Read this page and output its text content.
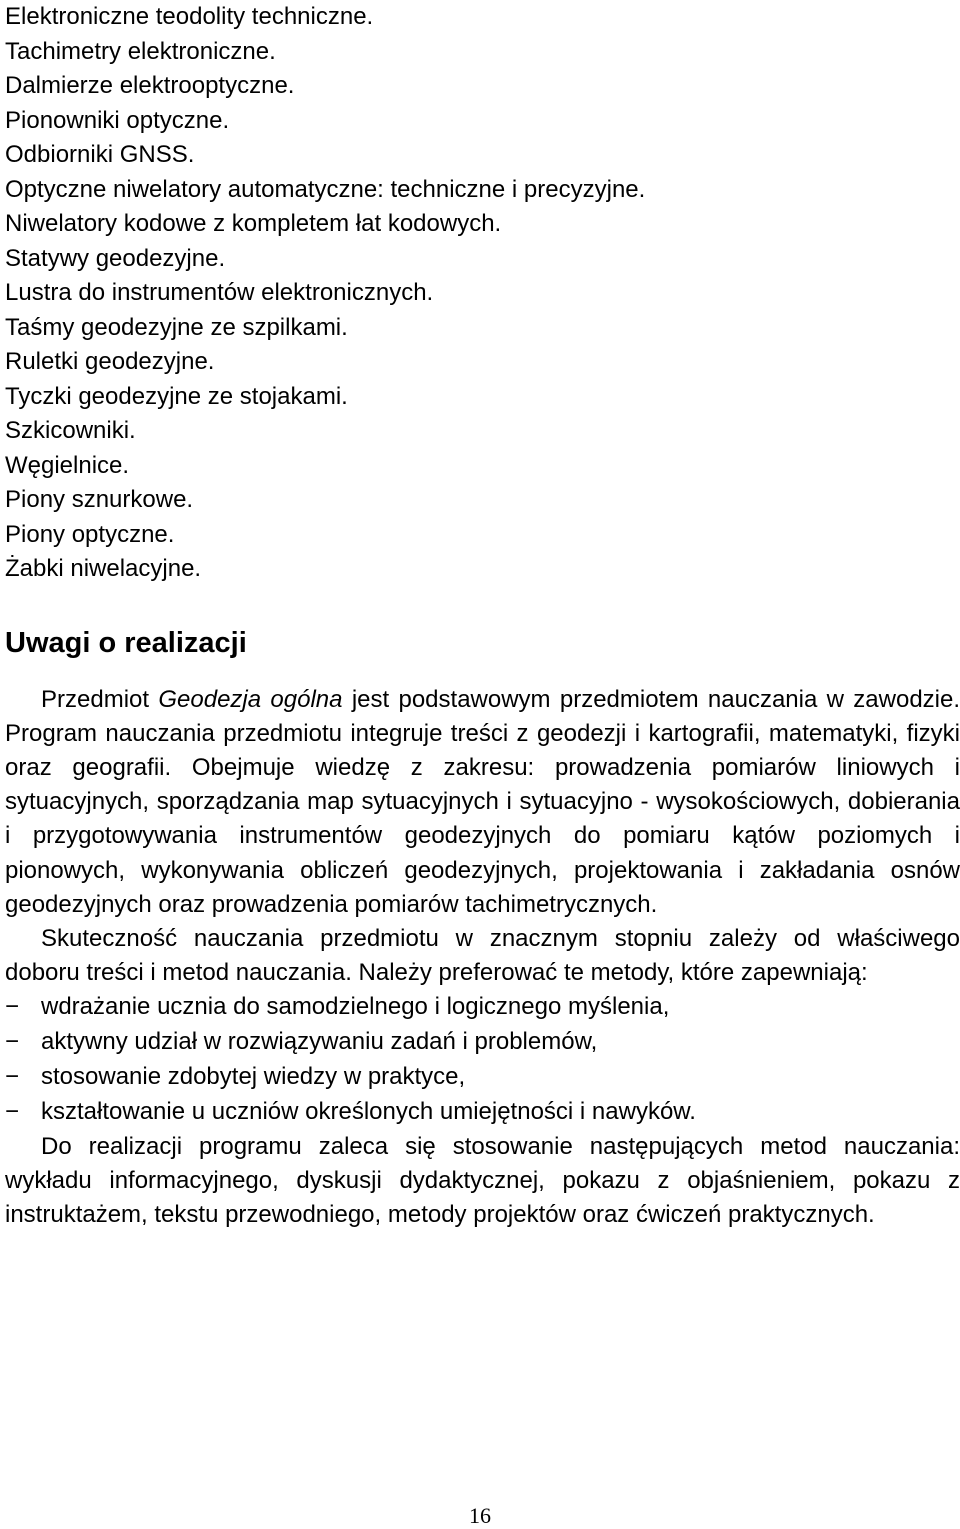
Elektroniczne teodolity techniczne.
Tachimetry elektroniczne.
Dalmierze elektrooptyczne.
Pionowniki optyczne.
Odbiorniki GNSS.
Optyczne niwelatory automatyczne: techniczne i precyzyjne.
Niwelatory kodowe z kompletem łat kodowych.
Statywy geodezyjne.
Lustra do instrumentów elektronicznych.
Taśmy geodezyjne ze szpilkami.
Ruletki geodezyjne.
Tyczki geodezyjne ze stojakami.
Szkicowniki.
Węgielnice.
Piony sznurkowe.
Piony optyczne.
Żabki niwelacyjne.
Uwagi o realizacji

Przedmiot Geodezja ogólna jest podstawowym przedmiotem nauczania w zawodzie. Program nauczania przedmiotu integruje treści z geodezji i kartografii, matematyki, fizyki oraz geografii. Obejmuje wiedzę z zakresu: prowadzenia pomiarów liniowych i sytuacyjnych, sporządzania map sytuacyjnych i sytuacyjno - wysokościowych, dobierania i przygotowywania instrumentów geodezyjnych do pomiaru kątów poziomych i pionowych, wykonywania obliczeń geodezyjnych, projektowania i zakładania osnów geodezyjnych oraz prowadzenia pomiarów tachimetrycznych.

Skuteczność nauczania przedmiotu w znacznym stopniu zależy od właściwego doboru treści i metod nauczania. Należy preferować te metody, które zapewniają:

− wdrażanie ucznia do samodzielnego i logicznego myślenia,
− aktywny udział w rozwiązywaniu zadań i problemów,
− stosowanie zdobytej wiedzy w praktyce,
− kształtowanie u uczniów określonych umiejętności i nawyków.

Do realizacji programu zaleca się stosowanie następujących metod nauczania: wykładu informacyjnego, dyskusji dydaktycznej, pokazu z objaśnieniem, pokazu z instruktażem, tekstu przewodniego, metody projektów oraz ćwiczeń praktycznych.

16
